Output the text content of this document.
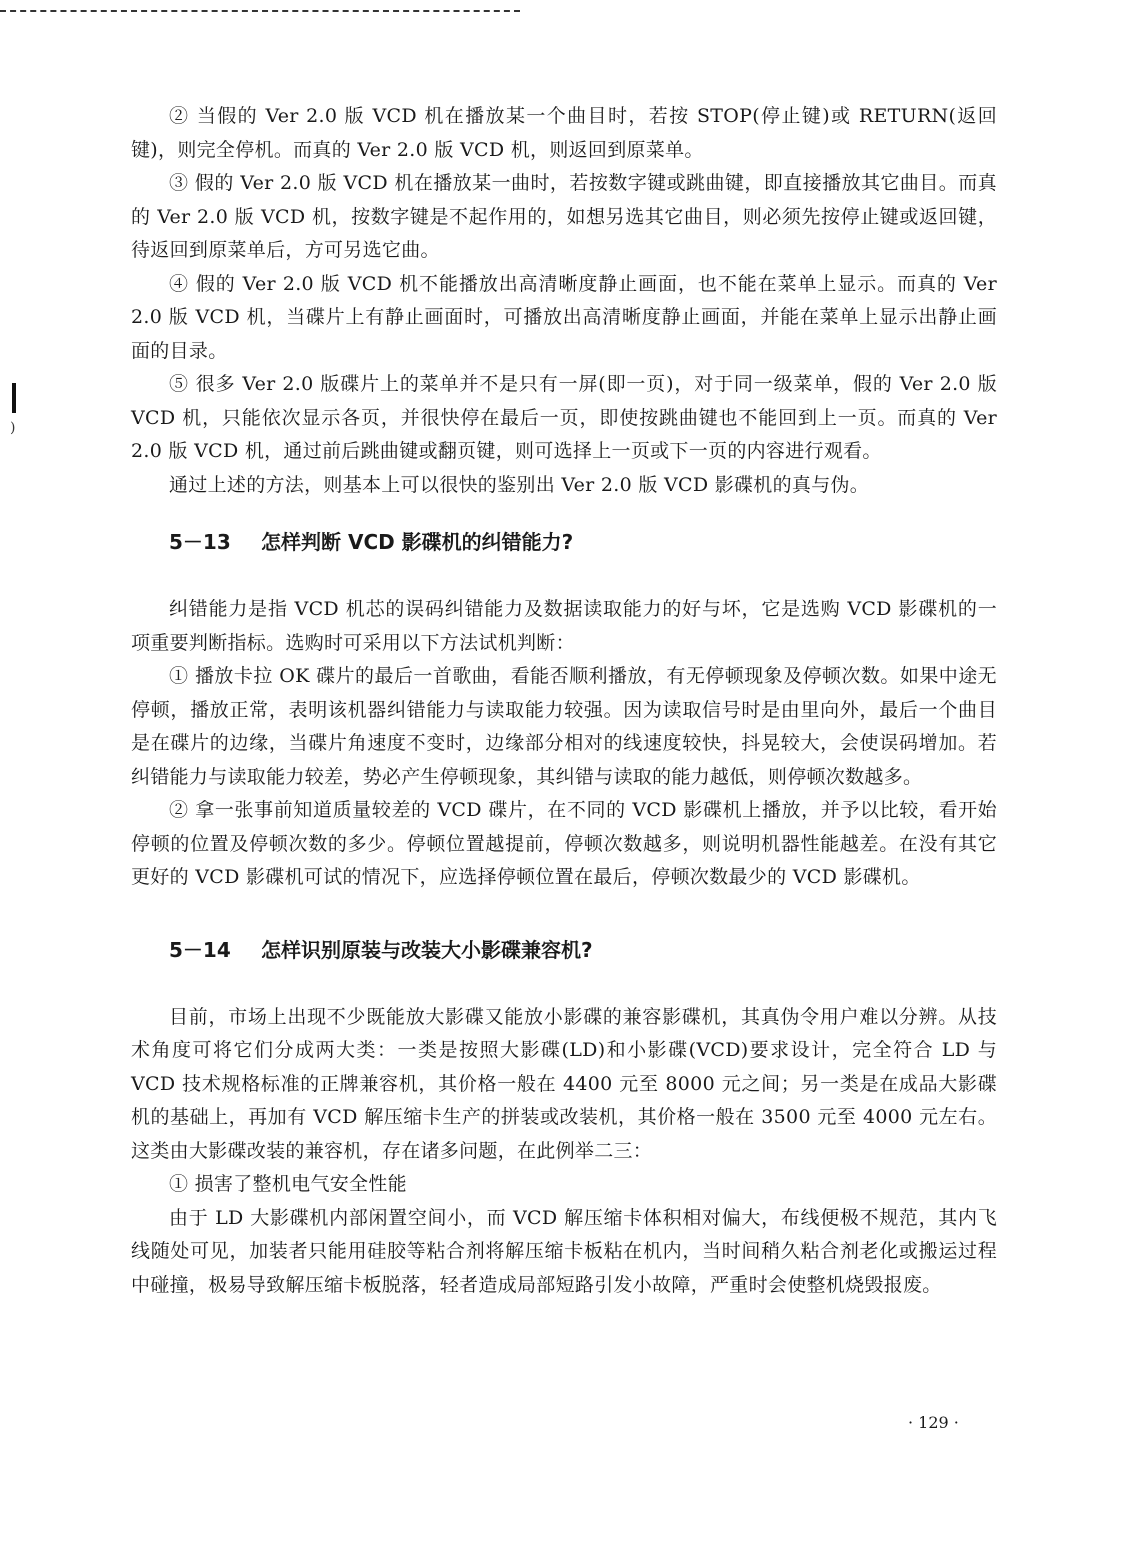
)

② 当假的 Ver 2.0 版 VCD 机在播放某一个曲目时，若按 STOP(停止键)或 RETURN(返回键)，则完全停机。而真的 Ver 2.0 版 VCD 机，则返回到原菜单。

③ 假的 Ver 2.0 版 VCD 机在播放某一曲时，若按数字键或跳曲键，即直接播放其它曲目。而真的 Ver 2.0 版 VCD 机，按数字键是不起作用的，如想另选其它曲目，则必须先按停止键或返回键，待返回到原菜单后，方可另选它曲。

④ 假的 Ver 2.0 版 VCD 机不能播放出高清晰度静止画面，也不能在菜单上显示。而真的 Ver 2.0 版 VCD 机，当碟片上有静止画面时，可播放出高清晰度静止画面，并能在菜单上显示出静止画面的目录。

⑤ 很多 Ver 2.0 版碟片上的菜单并不是只有一屏(即一页)，对于同一级菜单，假的 Ver 2.0 版 VCD 机，只能依次显示各页，并很快停在最后一页，即使按跳曲键也不能回到上一页。而真的 Ver 2.0 版 VCD 机，通过前后跳曲键或翻页键，则可选择上一页或下一页的内容进行观看。

通过上述的方法，则基本上可以很快的鉴别出 Ver 2.0 版 VCD 影碟机的真与伪。

5－13 怎样判断 VCD 影碟机的纠错能力?

纠错能力是指 VCD 机芯的误码纠错能力及数据读取能力的好与坏，它是选购 VCD 影碟机的一项重要判断指标。选购时可采用以下方法试机判断：

① 播放卡拉 OK 碟片的最后一首歌曲，看能否顺利播放，有无停顿现象及停顿次数。如果中途无停顿，播放正常，表明该机器纠错能力与读取能力较强。因为读取信号时是由里向外，最后一个曲目是在碟片的边缘，当碟片角速度不变时，边缘部分相对的线速度较快，抖晃较大，会使误码增加。若纠错能力与读取能力较差，势必产生停顿现象，其纠错与读取的能力越低，则停顿次数越多。

② 拿一张事前知道质量较差的 VCD 碟片，在不同的 VCD 影碟机上播放，并予以比较，看开始停顿的位置及停顿次数的多少。停顿位置越提前，停顿次数越多，则说明机器性能越差。在没有其它更好的 VCD 影碟机可试的情况下，应选择停顿位置在最后，停顿次数最少的 VCD 影碟机。

5－14 怎样识别原装与改装大小影碟兼容机?

目前，市场上出现不少既能放大影碟又能放小影碟的兼容影碟机，其真伪令用户难以分辨。从技术角度可将它们分成两大类：一类是按照大影碟(LD)和小影碟(VCD)要求设计，完全符合 LD 与 VCD 技术规格标准的正牌兼容机，其价格一般在 4400 元至 8000 元之间；另一类是在成品大影碟机的基础上，再加有 VCD 解压缩卡生产的拼装或改装机，其价格一般在 3500 元至 4000 元左右。这类由大影碟改装的兼容机，存在诸多问题，在此例举二三：

① 损害了整机电气安全性能

由于 LD 大影碟机内部闲置空间小，而 VCD 解压缩卡体积相对偏大，布线便极不规范，其内飞线随处可见，加装者只能用硅胶等粘合剂将解压缩卡板粘在机内，当时间稍久粘合剂老化或搬运过程中碰撞，极易导致解压缩卡板脱落，轻者造成局部短路引发小故障，严重时会使整机烧毁报废。

· 129 ·
